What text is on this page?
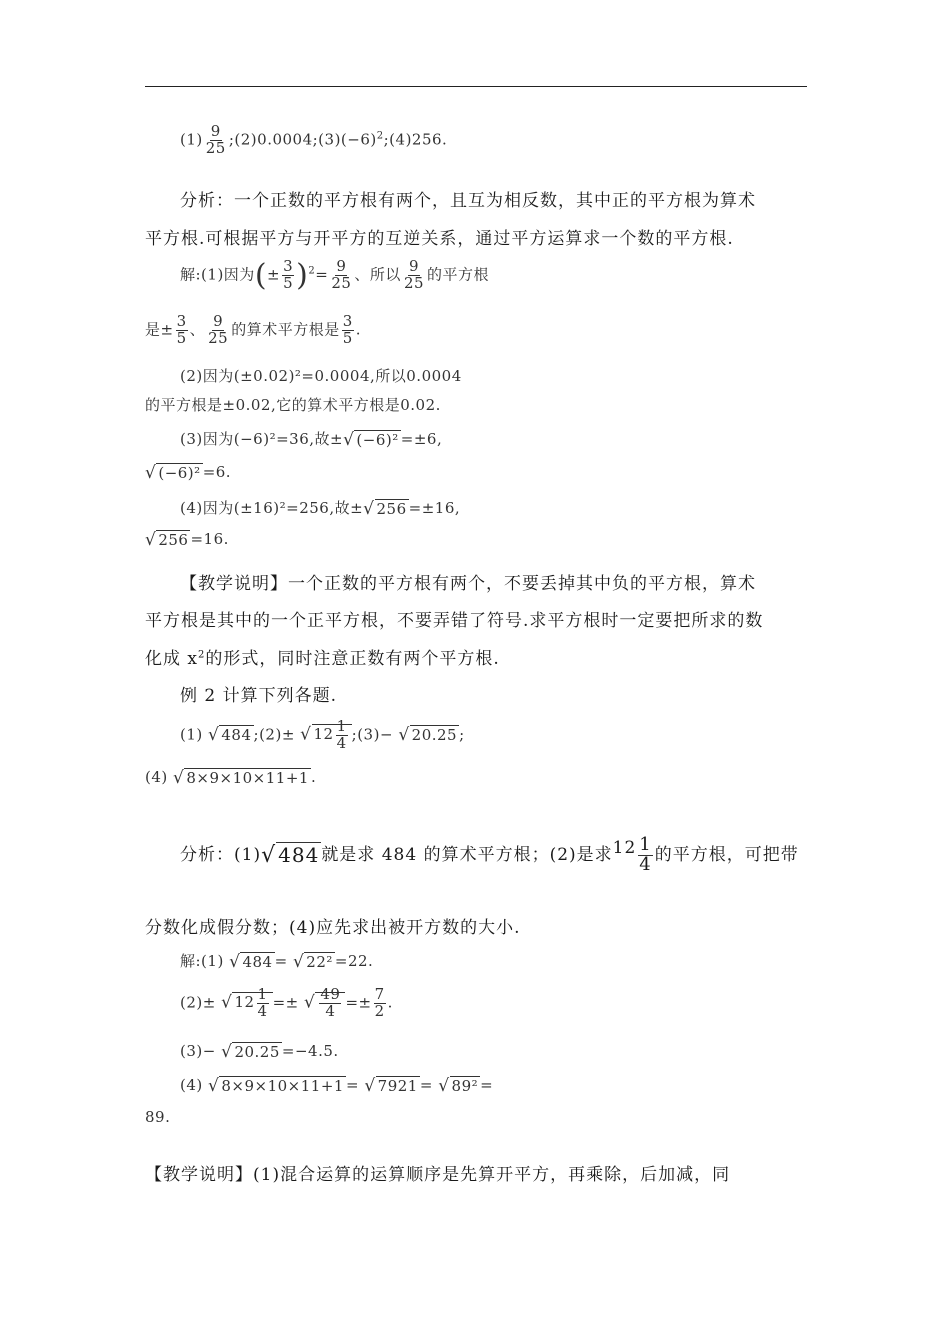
$(1) \frac{9}{25}$ $;(2)0.0004;(3)(-6)^2;(4)256$.
分析：一个正数的平方根有两个，且互为相反数，其中正的平方根为算术
平方根.可根据平方与开平方的互逆关系，通过平方运算求一个数的平方根.
解:(1)因为(± $\frac{3}{5} )^2= \frac{9}{25}$ 、所以 $\frac{9}{25}$ 的平方根
是± $\frac{3}{5}$ 、 $\frac{9}{25}$ 的算术平方根是 $\frac{3}{5}$ .
(2)因为(±0.02)²=0.0004,所以0.0004
的平方根是±0.02,它的算术平方根是0.02.
(3)因为(−6)²=36,故±√ (−6)² =±6,
√ (−6)² =6.
(4)因为(±16)²=256,故±√ 256 =±16,
√ 256 =16.
【教学说明】一个正数的平方根有两个，不要丢掉其中负的平方根，算术
平方根是其中的一个正平方根，不要弄错了符号.求平方根时一定要把所求的数
化成 $x^2$的形式，同时注意正数有两个平方根.
例 2 计算下列各题.
(1) √ 484 ;(2)± √ $12 \frac{1}{4}$ ;(3)− √ 20.25 ;
(4) √ 8×9×10×11+1 .
分析：(1)√ 484 就是求 484 的算术平方根；(2)是求$12 \frac{1}{4}$ 的平方根，可把带
分数化成假分数；(4)应先求出被开方数的大小.
解:(1) √ 484 = √ 22² =22.
(2)± √ $12 \frac{1}{4}$ =± √ $\frac{49}{4} =\pm \frac{7}{2}$ .
(3)− √ 20.25 =−4.5.
(4) √ 8×9×10×11+1 = √ 7921 = √ 89² =
89.
【教学说明】(1)混合运算的运算顺序是先算开平方，再乘除，后加减，同
